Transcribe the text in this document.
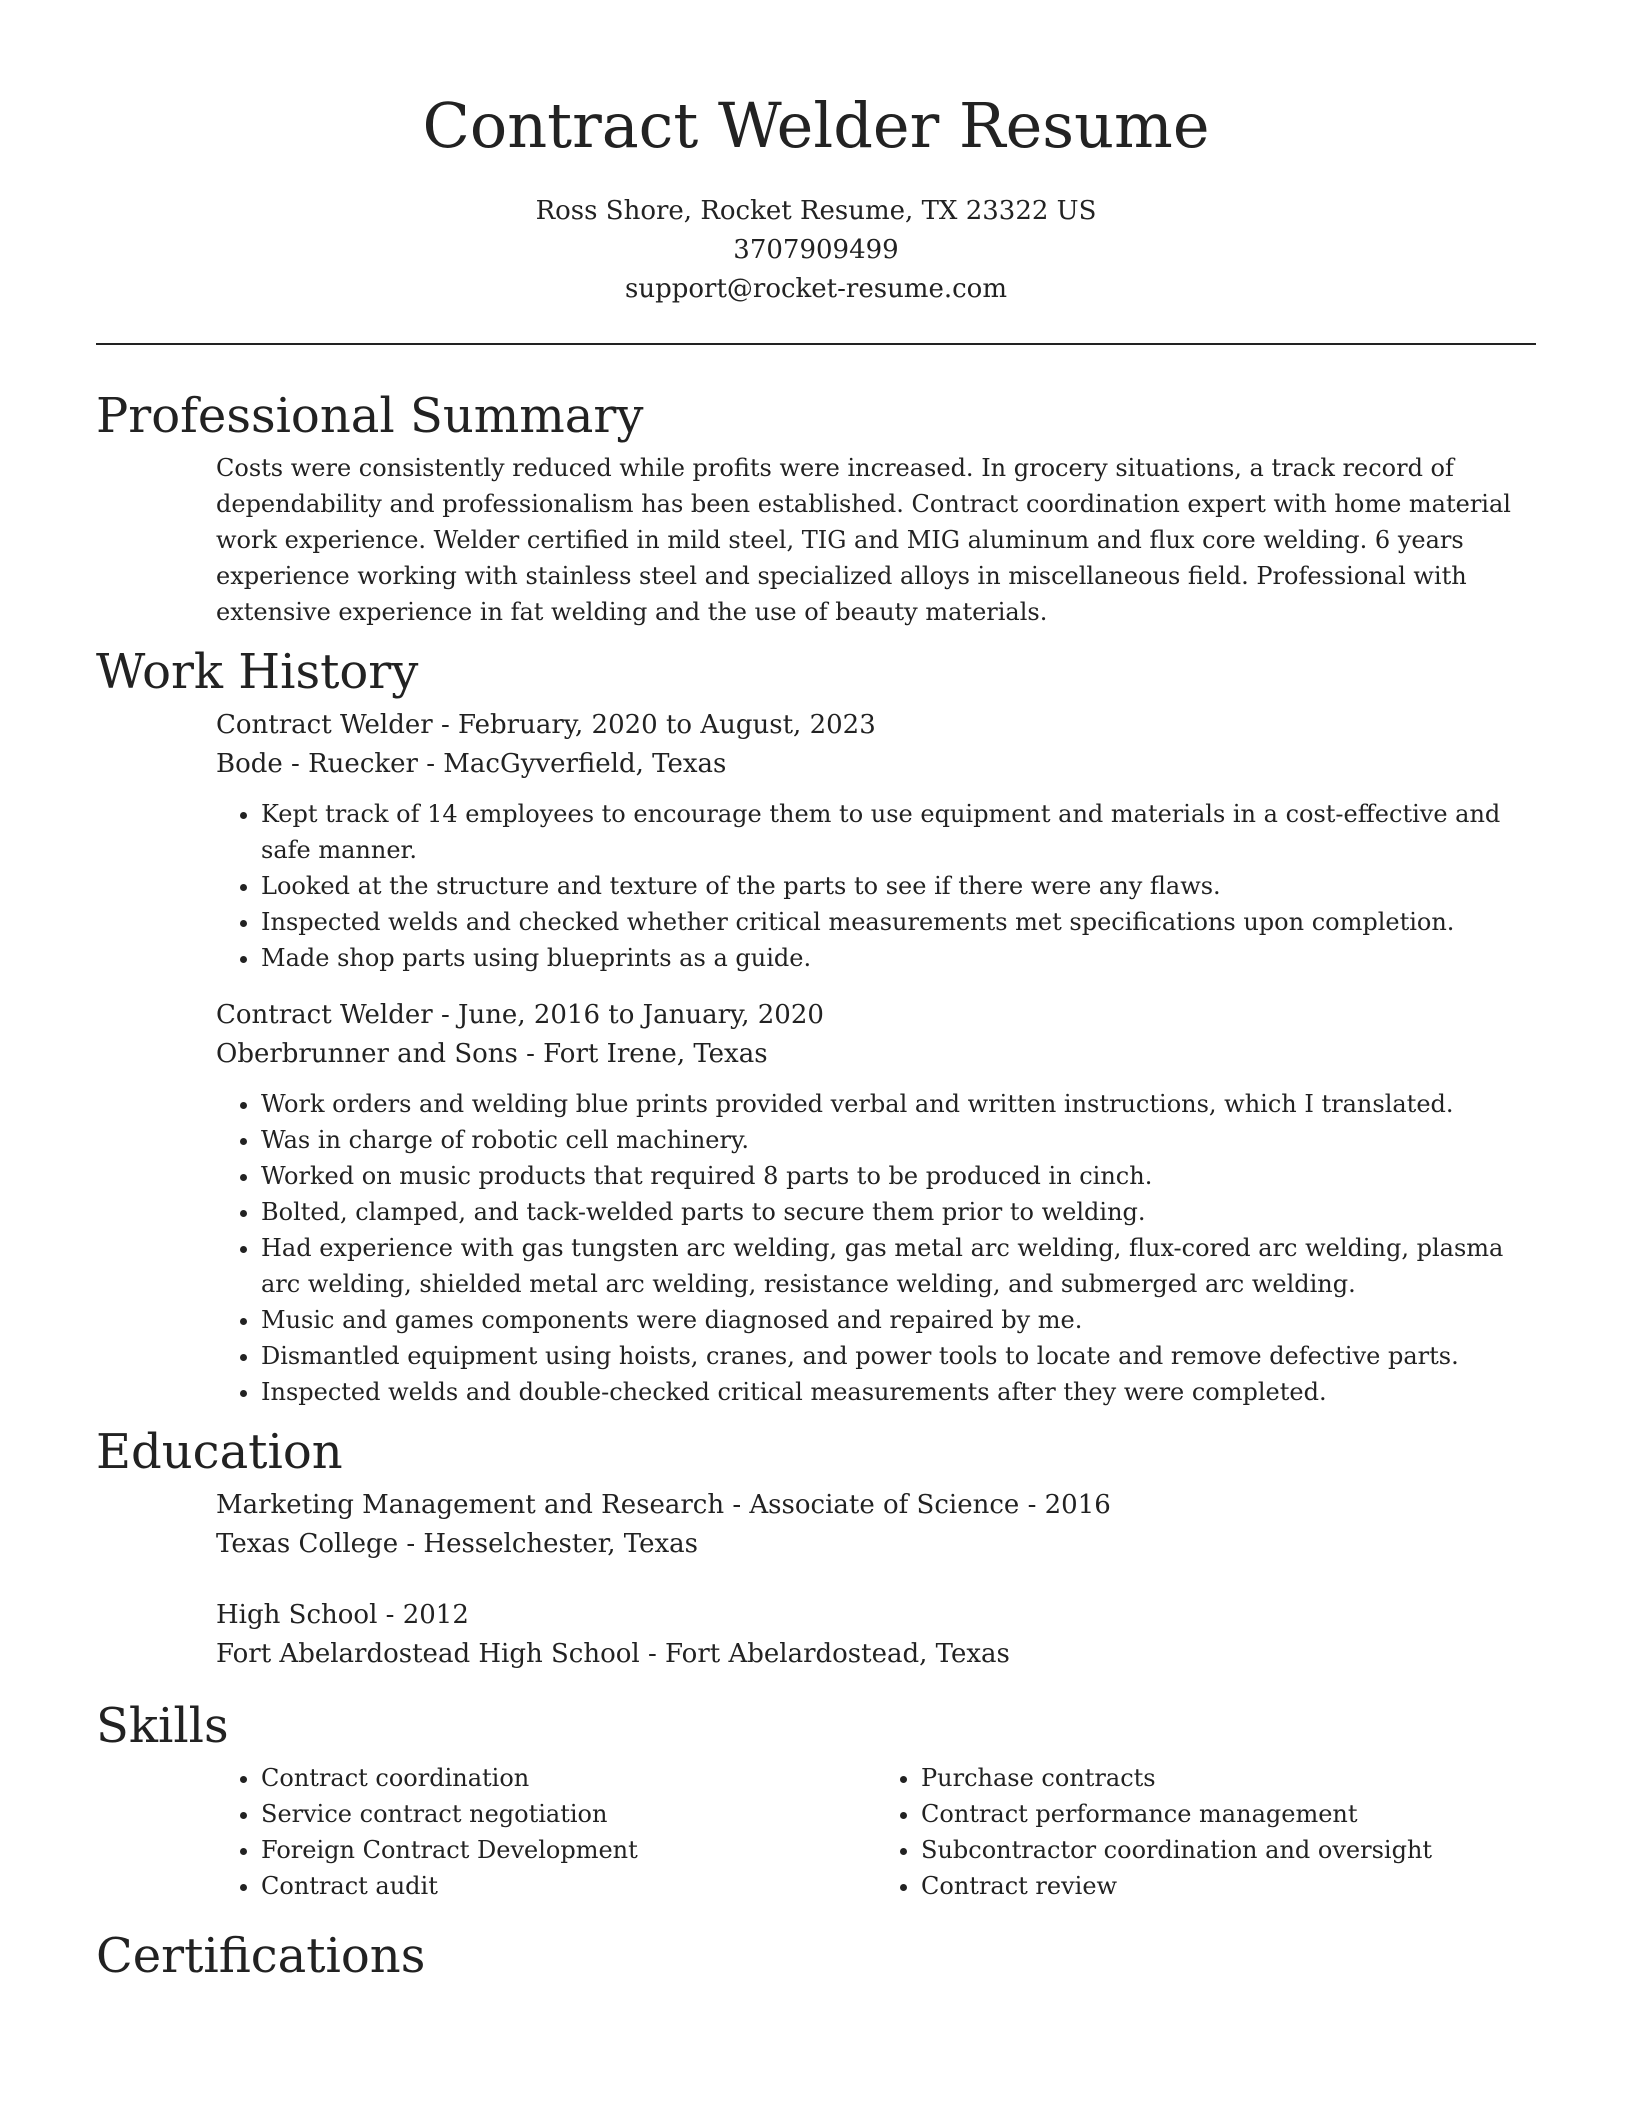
Contract Welder Resume
Ross Shore, Rocket Resume, TX 23322 US
3707909499
support@rocket-resume.com
Professional Summary

Costs were consistently reduced while profits were increased. In grocery situations, a track record of dependability and professionalism has been established. Contract coordination expert with home material work experience. Welder certified in mild steel, TIG and MIG aluminum and flux core welding. 6 years experience working with stainless steel and specialized alloys in miscellaneous field. Professional with extensive experience in fat welding and the use of beauty materials.

Work History
Contract Welder - February, 2020 to August, 2023
Bode - Ruecker - MacGyverfield, Texas
• Kept track of 14 employees to encourage them to use equipment and materials in a cost-effective and safe manner.
• Looked at the structure and texture of the parts to see if there were any flaws.
• Inspected welds and checked whether critical measurements met specifications upon completion.
• Made shop parts using blueprints as a guide.
Contract Welder - June, 2016 to January, 2020
Oberbrunner and Sons - Fort Irene, Texas
• Work orders and welding blue prints provided verbal and written instructions, which I translated.
• Was in charge of robotic cell machinery.
• Worked on music products that required 8 parts to be produced in cinch.
• Bolted, clamped, and tack-welded parts to secure them prior to welding.
• Had experience with gas tungsten arc welding, gas metal arc welding, flux-cored arc welding, plasma arc welding, shielded metal arc welding, resistance welding, and submerged arc welding.
• Music and games components were diagnosed and repaired by me.
• Dismantled equipment using hoists, cranes, and power tools to locate and remove defective parts.
• Inspected welds and double-checked critical measurements after they were completed.
Education
Marketing Management and Research - Associate of Science - 2016
Texas College - Hesselchester, Texas
High School - 2012
Fort Abelardostead High School - Fort Abelardostead, Texas
Skills
• Contract coordination
• Service contract negotiation
• Foreign Contract Development
• Contract audit
• Purchase contracts
• Contract performance management
• Subcontractor coordination and oversight
• Contract review
Certifications
